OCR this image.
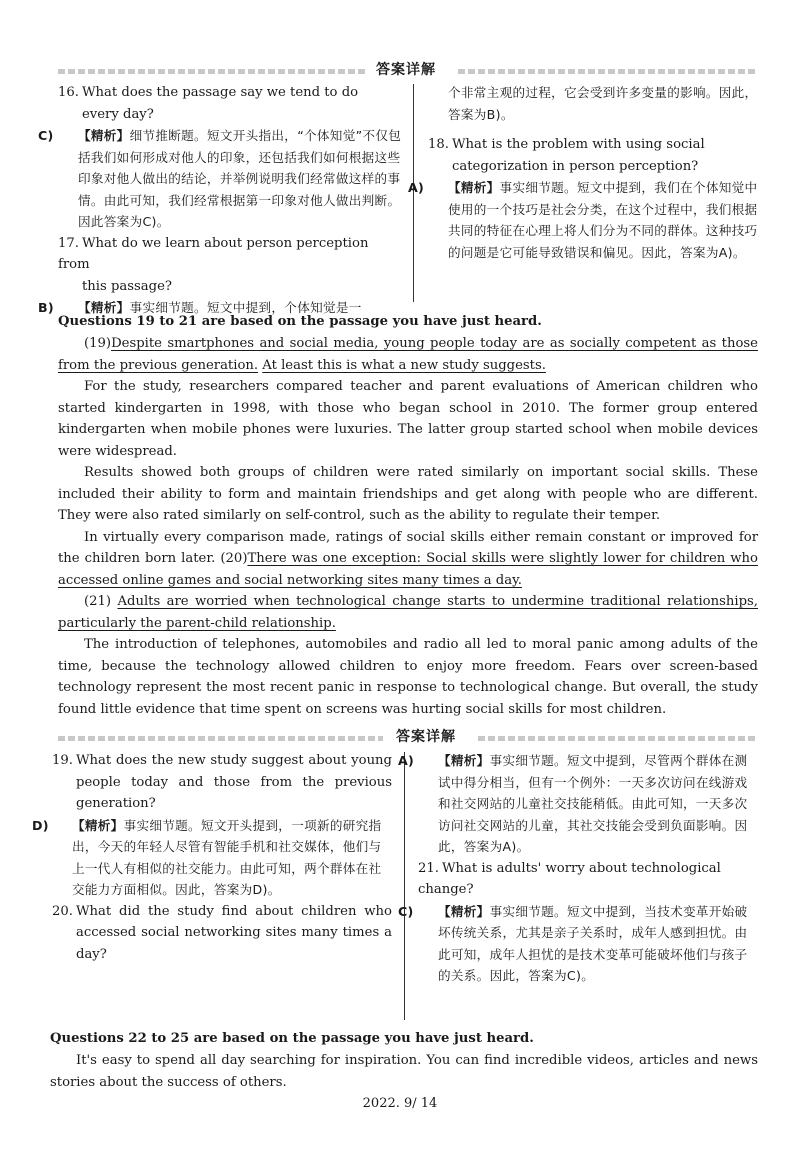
答案详解
16. What does the passage say we tend to do
every day?
C) 【精析】细节推断题。短文开头指出，“个体知觉”不仅包括我们如何形成对他人的印象，还包括我们如何根据这些印象对他人做出的结论，并举例说明我们经常做这样的事情。由此可知，我们经常根据第一印象对他人做出判断。因此答案为C)。
17. What do we learn about person perception from
this passage?
B) 【精析】事实细节题。短文中提到，个体知觉是一
个非常主观的过程，它会受到许多变量的影响。因此，答案为B)。
18. What is the problem with using social
categorization in person perception?
A) 【精析】事实细节题。短文中提到，我们在个体知觉中使用的一个技巧是社会分类，在这个过程中，我们根据共同的特征在心理上将人们分为不同的群体。这种技巧的问题是它可能导致错误和偏见。因此，答案为A)。
Questions 19 to 21 are based on the passage you have just heard.

(19)Despite smartphones and social media, young people today are as socially competent as those from the previous generation. At least this is what a new study suggests.

For the study, researchers compared teacher and parent evaluations of American children who started kindergarten in 1998, with those who began school in 2010. The former group entered kindergarten when mobile phones were luxuries. The latter group started school when mobile devices were widespread.

Results showed both groups of children were rated similarly on important social skills. These included their ability to form and maintain friendships and get along with people who are different. They were also rated similarly on self-control, such as the ability to regulate their temper.

In virtually every comparison made, ratings of social skills either remain constant or improved for the children born later. (20)There was one exception: Social skills were slightly lower for children who accessed online games and social networking sites many times a day.

(21) Adults are worried when technological change starts to undermine traditional relationships, particularly the parent-child relationship.

The introduction of telephones, automobiles and radio all led to moral panic among adults of the time, because the technology allowed children to enjoy more freedom. Fears over screen-based technology represent the most recent panic in response to technological change. But overall, the study found little evidence that time spent on screens was hurting social skills for most children.

答案详解
19. What does the new study suggest about young people today and those from the previous generation?
D) 【精析】事实细节题。短文开头提到，一项新的研究指出，今天的年轻人尽管有智能手机和社交媒体，他们与上一代人有相似的社交能力。由此可知，两个群体在社交能力方面相似。因此，答案为D)。
20. What did the study find about children who accessed social networking sites many times a day?
A) 【精析】事实细节题。短文中提到，尽管两个群体在测试中得分相当，但有一个例外：一天多次访问在线游戏和社交网站的儿童社交技能稍低。由此可知，一天多次访问社交网站的儿童，其社交技能会受到负面影响。因此，答案为A)。
21. What is adults' worry about technological change?
C) 【精析】事实细节题。短文中提到，当技术变革开始破坏传统关系，尤其是亲子关系时，成年人感到担忧。由此可知，成年人担忧的是技术变革可能破坏他们与孩子的关系。因此，答案为C)。
Questions 22 to 25 are based on the passage you have just heard.

It's easy to spend all day searching for inspiration. You can find incredible videos, articles and news stories about the success of others.

2022. 9/ 14
